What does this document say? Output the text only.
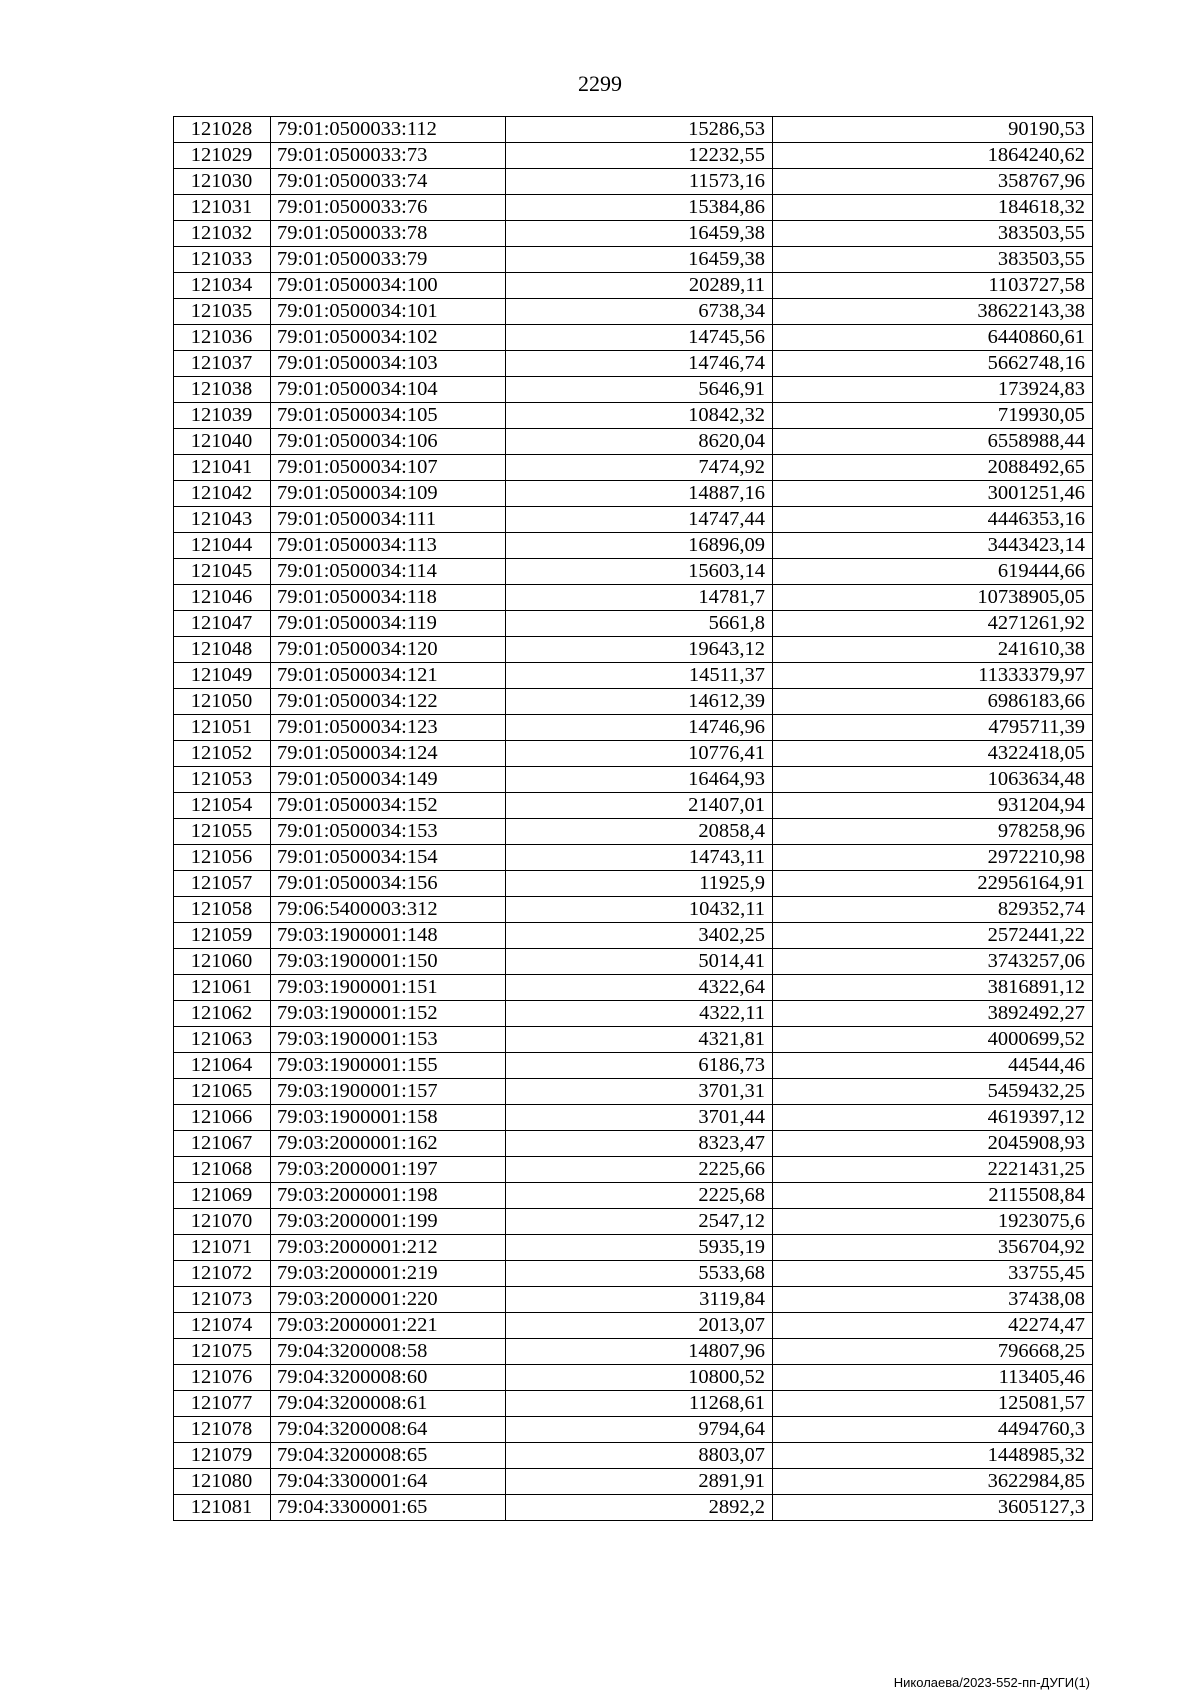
2299
121028	79:01:0500033:112	15286,53	90190,53
121029	79:01:0500033:73	12232,55	1864240,62
121030	79:01:0500033:74	11573,16	358767,96
121031	79:01:0500033:76	15384,86	184618,32
121032	79:01:0500033:78	16459,38	383503,55
121033	79:01:0500033:79	16459,38	383503,55
121034	79:01:0500034:100	20289,11	1103727,58
121035	79:01:0500034:101	6738,34	38622143,38
121036	79:01:0500034:102	14745,56	6440860,61
121037	79:01:0500034:103	14746,74	5662748,16
121038	79:01:0500034:104	5646,91	173924,83
121039	79:01:0500034:105	10842,32	719930,05
121040	79:01:0500034:106	8620,04	6558988,44
121041	79:01:0500034:107	7474,92	2088492,65
121042	79:01:0500034:109	14887,16	3001251,46
121043	79:01:0500034:111	14747,44	4446353,16
121044	79:01:0500034:113	16896,09	3443423,14
121045	79:01:0500034:114	15603,14	619444,66
121046	79:01:0500034:118	14781,7	10738905,05
121047	79:01:0500034:119	5661,8	4271261,92
121048	79:01:0500034:120	19643,12	241610,38
121049	79:01:0500034:121	14511,37	11333379,97
121050	79:01:0500034:122	14612,39	6986183,66
121051	79:01:0500034:123	14746,96	4795711,39
121052	79:01:0500034:124	10776,41	4322418,05
121053	79:01:0500034:149	16464,93	1063634,48
121054	79:01:0500034:152	21407,01	931204,94
121055	79:01:0500034:153	20858,4	978258,96
121056	79:01:0500034:154	14743,11	2972210,98
121057	79:01:0500034:156	11925,9	22956164,91
121058	79:06:5400003:312	10432,11	829352,74
121059	79:03:1900001:148	3402,25	2572441,22
121060	79:03:1900001:150	5014,41	3743257,06
121061	79:03:1900001:151	4322,64	3816891,12
121062	79:03:1900001:152	4322,11	3892492,27
121063	79:03:1900001:153	4321,81	4000699,52
121064	79:03:1900001:155	6186,73	44544,46
121065	79:03:1900001:157	3701,31	5459432,25
121066	79:03:1900001:158	3701,44	4619397,12
121067	79:03:2000001:162	8323,47	2045908,93
121068	79:03:2000001:197	2225,66	2221431,25
121069	79:03:2000001:198	2225,68	2115508,84
121070	79:03:2000001:199	2547,12	1923075,6
121071	79:03:2000001:212	5935,19	356704,92
121072	79:03:2000001:219	5533,68	33755,45
121073	79:03:2000001:220	3119,84	37438,08
121074	79:03:2000001:221	2013,07	42274,47
121075	79:04:3200008:58	14807,96	796668,25
121076	79:04:3200008:60	10800,52	113405,46
121077	79:04:3200008:61	11268,61	125081,57
121078	79:04:3200008:64	9794,64	4494760,3
121079	79:04:3200008:65	8803,07	1448985,32
121080	79:04:3300001:64	2891,91	3622984,85
121081	79:04:3300001:65	2892,2	3605127,3
Николаева/2023-552-пп-ДУГИ(1)
